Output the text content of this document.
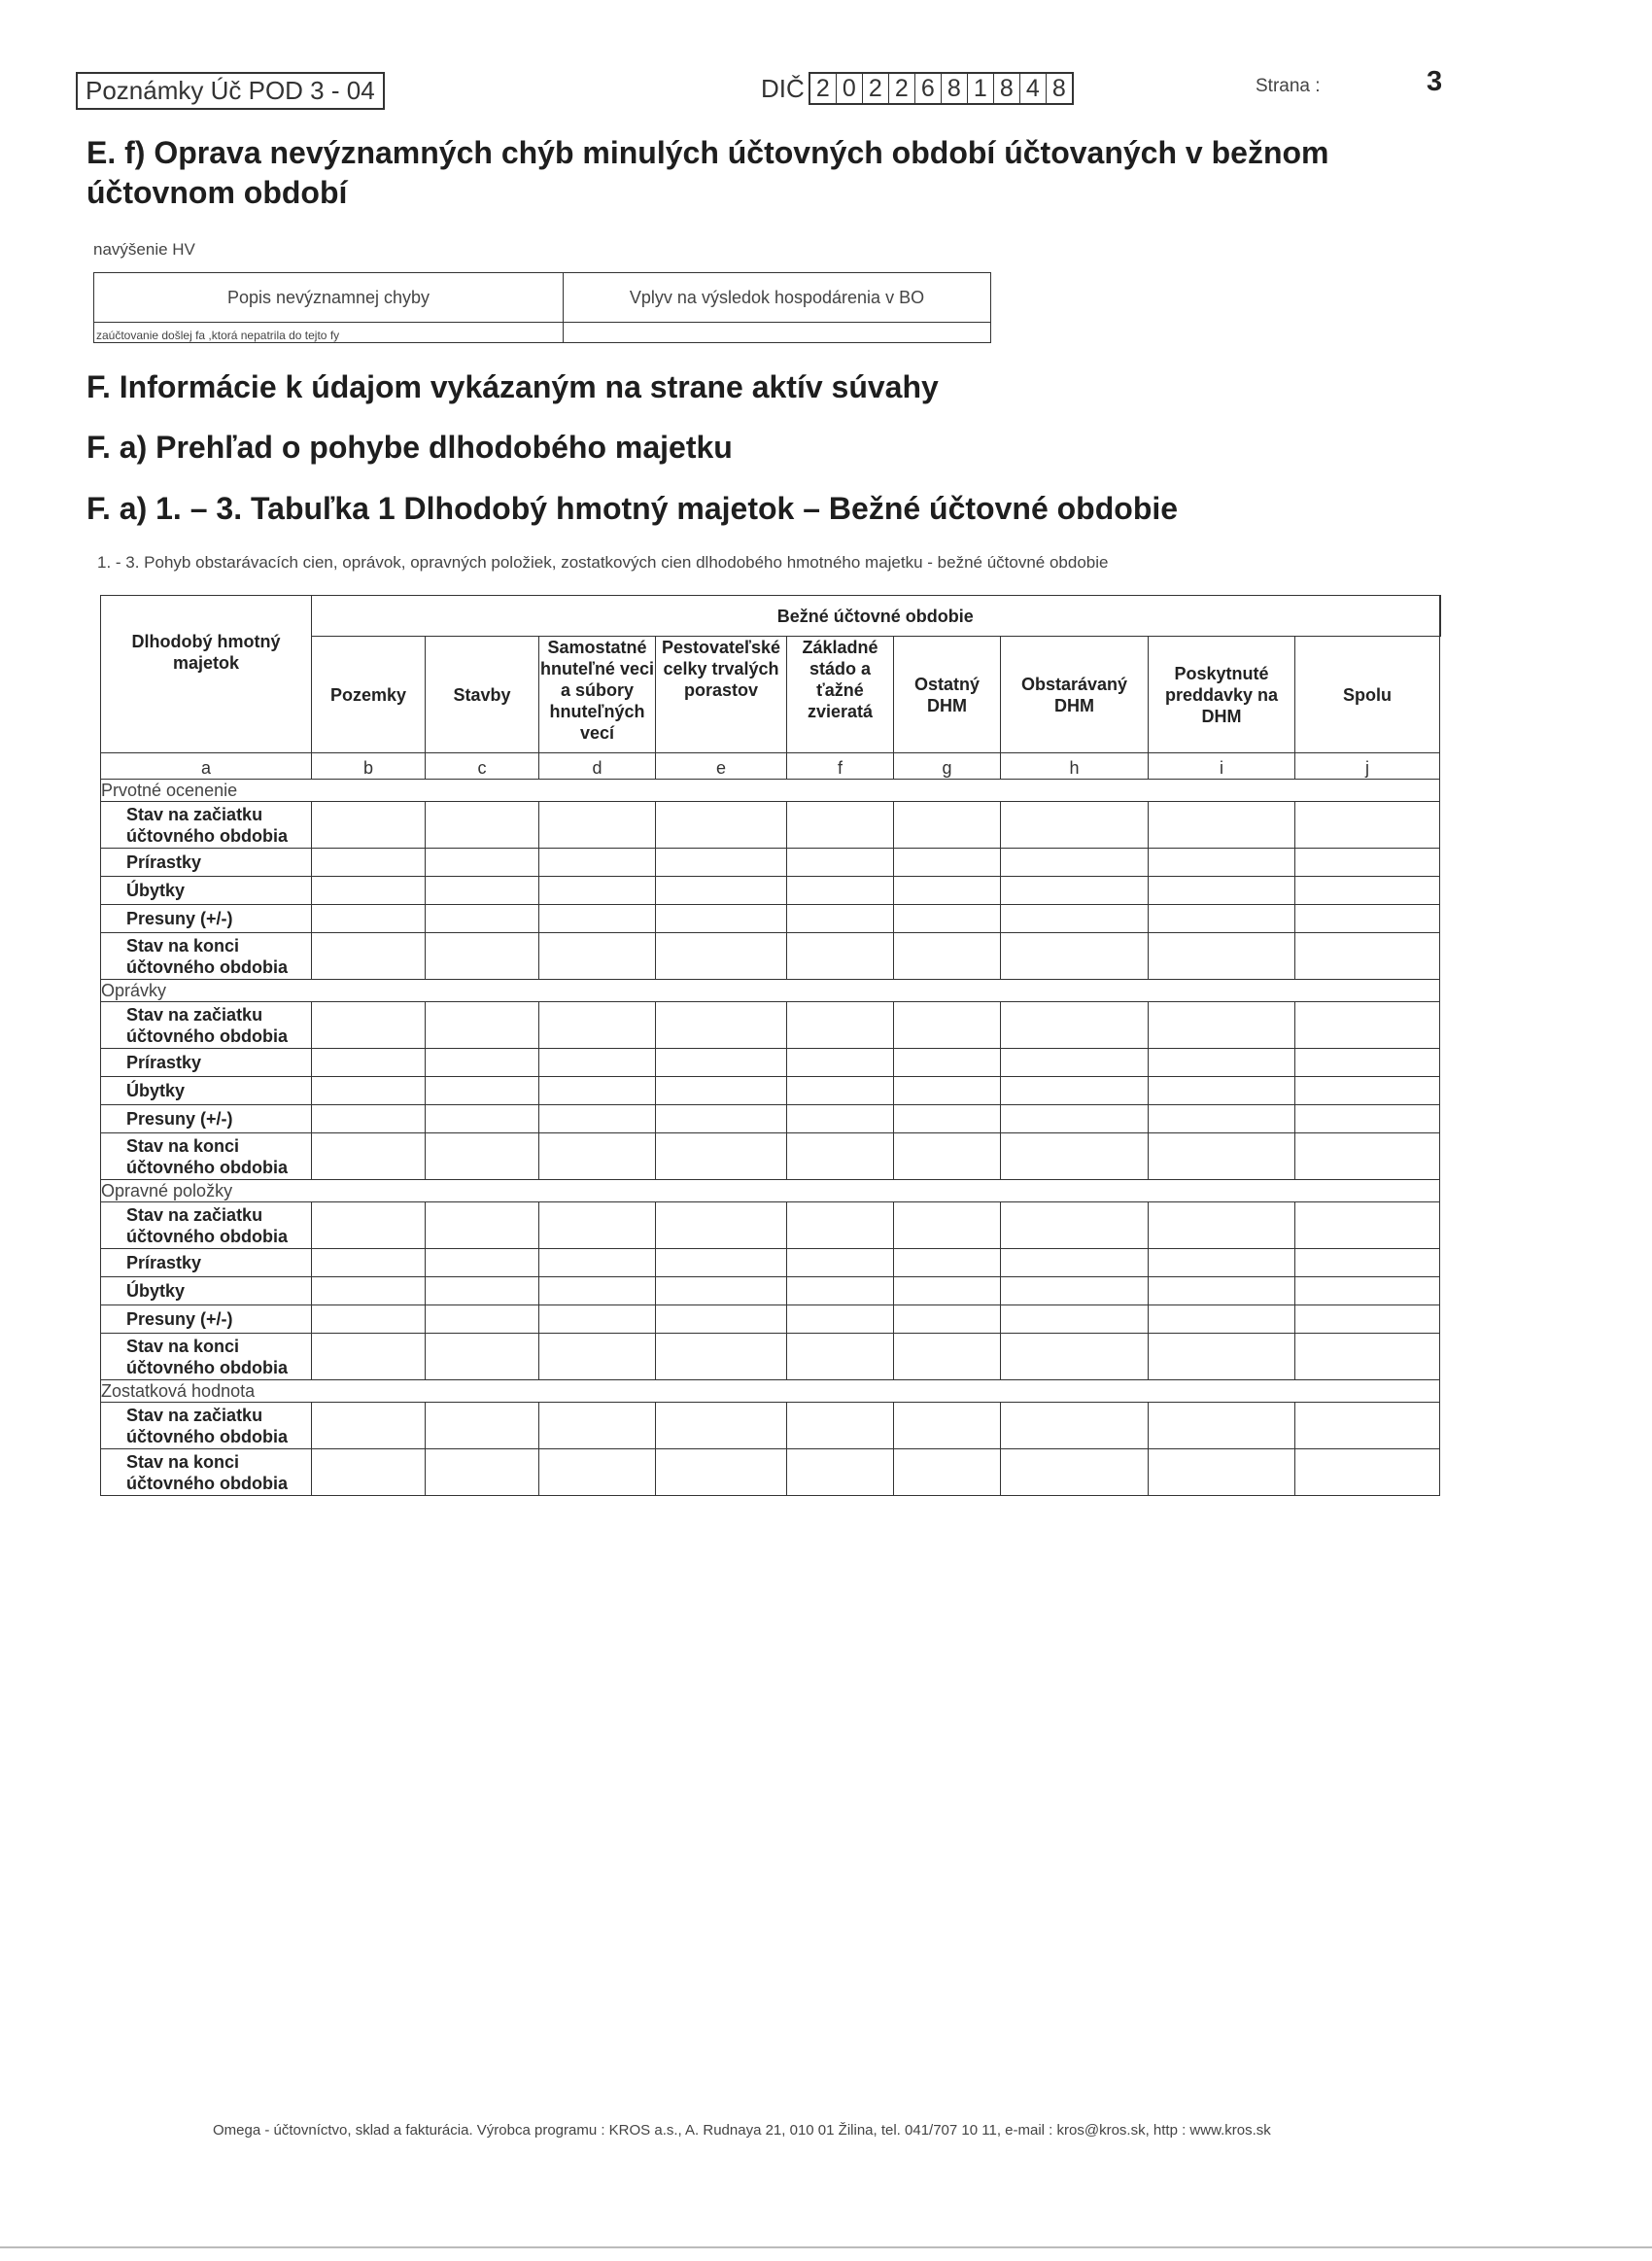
Poznámky Úč POD 3 - 04	DIČ 2 0 2 2 6 8 1 8 4 8	Strana :	3
E. f) Oprava nevýznamných chýb minulých účtovných období účtovaných v bežnom účtovnom období
navýšenie HV
Popis nevýznamnej chyby	Vplyv na výsledok hospodárenia v BO
zaúčtovanie došlej fa ,ktorá nepatrila do tejto fy	
F. Informácie k údajom vykázaným na strane aktív súvahy
F. a) Prehľad o pohybe dlhodobého majetku
F. a) 1. – 3. Tabuľka 1 Dlhodobý hmotný majetok – Bežné účtovné obdobie
1. - 3. Pohyb obstarávacích cien, oprávok, opravných položiek, zostatkových cien dlhodobého hmotného majetku - bežné účtovné obdobie
Dlhodobý hmotný majetok	Bežné účtovné obdobie								
	Pozemky	Stavby	Samostatné hnuteľné veci a súbory hnuteľných vecí	Pestovateľské celky trvalých porastov	Základné stádo a ťažné zvieratá	Ostatný DHM	Obstarávaný DHM	Poskytnuté preddavky na DHM	Spolu
a	b	c	d	e	f	g	h	i	j
Prvotné ocenenie									
Stav na začiatku účtovného obdobia									
Prírastky									
Úbytky									
Presuny (+/-)									
Stav na konci účtovného obdobia									
Oprávky									
Stav na začiatku účtovného obdobia									
Prírastky									
Úbytky									
Presuny (+/-)									
Stav na konci účtovného obdobia									
Opravné položky									
Stav na začiatku účtovného obdobia									
Prírastky									
Úbytky									
Presuny (+/-)									
Stav na konci účtovného obdobia									
Zostatková hodnota									
Stav na začiatku účtovného obdobia									
Stav na konci účtovného obdobia									
Omega - účtovníctvo, sklad a fakturácia. Výrobca programu : KROS a.s., A. Rudnaya 21, 010 01 Žilina, tel. 041/707 10 11, e-mail : kros@kros.sk, http : www.kros.sk
